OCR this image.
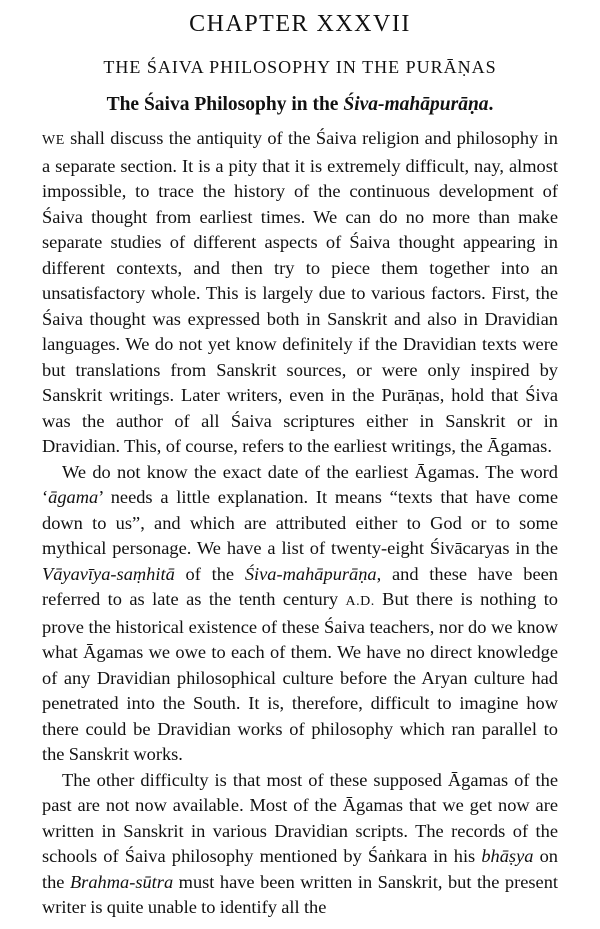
CHAPTER XXXVII
THE ŚAIVA PHILOSOPHY IN THE PURĀṆAS
The Śaiva Philosophy in the Śiva-mahāpurāṇa.

WE shall discuss the antiquity of the Śaiva religion and philosophy in a separate section. It is a pity that it is extremely difficult, nay, almost impossible, to trace the history of the continuous development of Śaiva thought from earliest times. We can do no more than make separate studies of different aspects of Śaiva thought appearing in different contexts, and then try to piece them together into an unsatisfactory whole. This is largely due to various factors. First, the Śaiva thought was expressed both in Sanskrit and also in Dravidian languages. We do not yet know definitely if the Dravidian texts were but translations from Sanskrit sources, or were only inspired by Sanskrit writings. Later writers, even in the Purāṇas, hold that Śiva was the author of all Śaiva scriptures either in Sanskrit or in Dravidian. This, of course, refers to the earliest writings, the Āgamas.

We do not know the exact date of the earliest Āgamas. The word ‘āgama’ needs a little explanation. It means “texts that have come down to us”, and which are attributed either to God or to some mythical personage. We have a list of twenty-eight Śivācaryas in the Vāyavīya-saṃhitā of the Śiva-mahāpurāṇa, and these have been referred to as late as the tenth century A.D. But there is nothing to prove the historical existence of these Śaiva teachers, nor do we know what Āgamas we owe to each of them. We have no direct knowledge of any Dravidian philosophical culture before the Aryan culture had penetrated into the South. It is, therefore, difficult to imagine how there could be Dravidian works of philosophy which ran parallel to the Sanskrit works.

The other difficulty is that most of these supposed Āgamas of the past are not now available. Most of the Āgamas that we get now are written in Sanskrit in various Dravidian scripts. The records of the schools of Śaiva philosophy mentioned by Śaṅkara in his bhāṣya on the Brahma-sūtra must have been written in Sanskrit, but the present writer is quite unable to identify all the
